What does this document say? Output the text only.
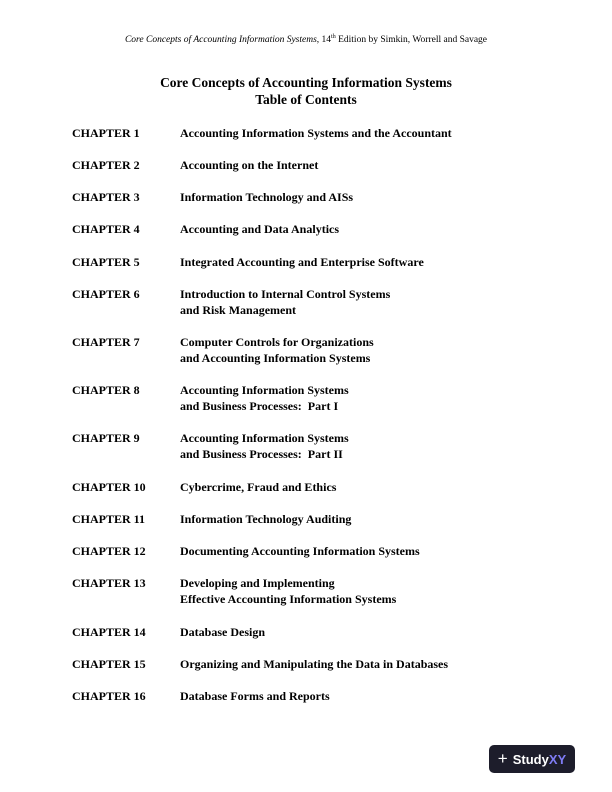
Core Concepts of Accounting Information Systems, 14th Edition by Simkin, Worrell and Savage
Core Concepts of Accounting Information Systems
Table of Contents
CHAPTER 1	Accounting Information Systems and the Accountant
CHAPTER 2	Accounting on the Internet
CHAPTER 3	Information Technology and AISs
CHAPTER 4	Accounting and Data Analytics
CHAPTER 5	Integrated Accounting and Enterprise Software
CHAPTER 6	Introduction to Internal Control Systems
and Risk Management
CHAPTER 7	Computer Controls for Organizations
and Accounting Information Systems
CHAPTER 8	Accounting Information Systems
and Business Processes:  Part I
CHAPTER 9	Accounting Information Systems
and Business Processes:  Part II
CHAPTER 10	Cybercrime, Fraud and Ethics
CHAPTER 11	Information Technology Auditing
CHAPTER 12	Documenting Accounting Information Systems
CHAPTER 13	Developing and Implementing
Effective Accounting Information Systems
CHAPTER 14	Database Design
CHAPTER 15	Organizing and Manipulating the Data in Databases
CHAPTER 16	Database Forms and Reports
+ StudyXY
